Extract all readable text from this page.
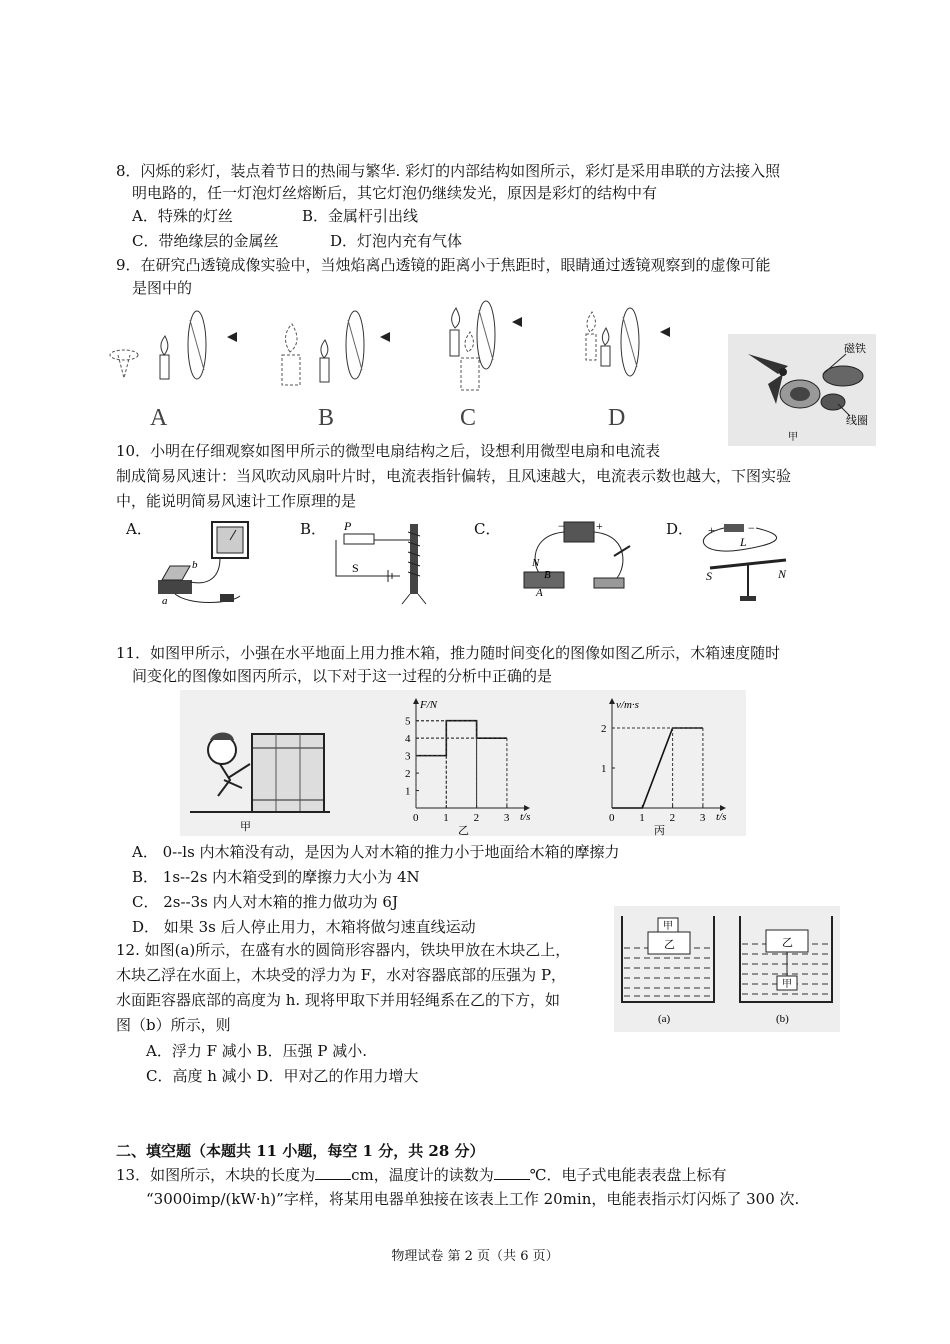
8．闪烁的彩灯，装点着节日的热闹与繁华. 彩灯的内部结构如图所示，彩灯是采用串联的方法接入照
明电路的，任一灯泡灯丝熔断后，其它灯泡仍继续发光，原因是彩灯的结构中有
A．特殊的灯丝	B．金属杆引出线
C．带绝缘层的金属丝	D．灯泡内充有气体
9．在研究凸透镜成像实验中，当烛焰离凸透镜的距离小于焦距时，眼睛通过透镜观察到的虚像可能
是图中的
A	B	C	D
磁铁
线圈
甲
10．小明在仔细观察如图甲所示的微型电扇结构之后，设想利用微型电扇和电流表
制成简易风速计：当风吹动风扇叶片时，电流表指针偏转，且风速越大，电流表示数也越大，下图实验
中，能说明简易风速计工作原理的是
A．	B．	C．	D．
b
a
P
S
−	+
N
B
A
+	−
L
S	N
11．如图甲所示，小强在水平地面上用力推木箱，推力随时间变化的图像如图乙所示，木箱速度随时
间变化的图像如图丙所示，以下对于这一过程的分析中正确的是
甲
F/N
t/s
乙
0 1 2 3
1
2
3
4
5
v/m·s
t/s
丙
0 1 2 3
1
2
A． 0--ls 内木箱没有动，是因为人对木箱的推力小于地面给木箱的摩擦力
B． 1s--2s 内木箱受到的摩擦力大小为 4N
C． 2s--3s 内人对木箱的推力做功为 6J
D． 如果 3s 后人停止用力，木箱将做匀速直线运动
12. 如图(a)所示，在盛有水的圆筒形容器内，铁块甲放在木块乙上，
木块乙浮在水面上，木块受的浮力为 F，水对容器底部的压强为 P，
水面距容器底部的高度为 h. 现将甲取下并用轻绳系在乙的下方，如
图（b）所示，则
A．浮力 F 减小 B．压强 P 减小.
C．高度 h 减小 D．甲对乙的作用力增大
甲
乙
(a)
乙
甲
(b)
二、填空题（本题共 11 小题，每空 1 分，共 28 分）
13．如图所示，木块的长度为 cm，温度计的读数为 ℃．电子式电能表表盘上标有
“3000imp/(kW·h)”字样，将某用电器单独接在该表上工作 20min，电能表指示灯闪烁了 300 次.
物理试卷 第 2 页（共 6 页）
